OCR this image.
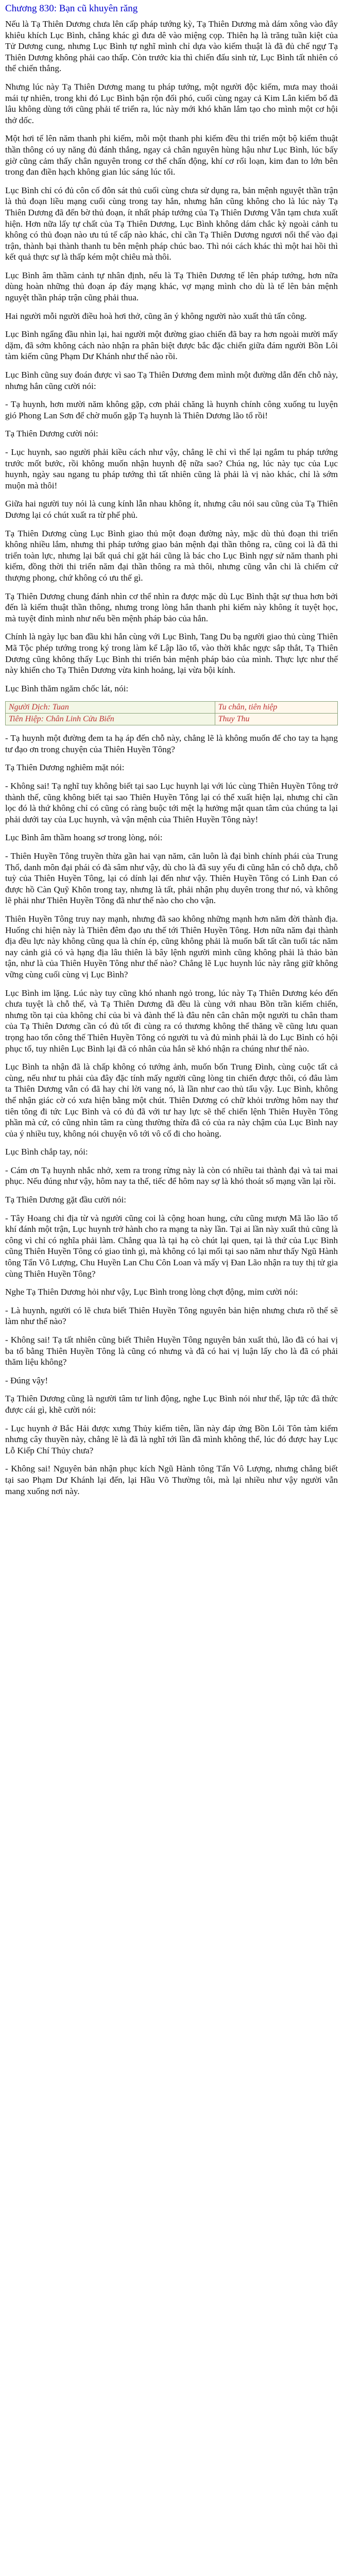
Chương 830: Bạn cũ khuyên răng

Nếu là Tạ Thiên Dương chưa lên cấp pháp tướng kỳ, Tạ Thiên Dương mà dám xông vào đây khiêu khích Lục Bình, chẳng khác gì đưa dê vào miệng cọp. Thiên hạ là trăng tuần kiệt của Tử Dương cung, nhưng Lục Bình tự nghĩ mình chỉ dựa vào kiếm thuật là đã đủ chế ngự Tạ Thiên Dương không phải cao thấp. Còn trước kia thì chiến đấu sinh tử, Lục Bình tất nhiên có thể chiến thắng.

Nhưng lúc này Tạ Thiên Dương mang tu pháp tướng, một người độc kiếm, mưa may thoải mái tự nhiên, trong khi đó Lục Bình bận rộn đối phó, cuối cùng ngay cả Kim Lân kiếm bổ đã lâu không dùng tới cũng phải tế triển ra, lúc này mới khó khăn lắm tạo cho mình một cơ hội thở dốc.

Một hơi tế lên năm thanh phi kiếm, mỗi một thanh phi kiếm đều thi triển một bộ kiếm thuật thần thông có uy năng đủ đánh thắng, ngay cả chân nguyên hùng hậu như Lục Bình, lúc bấy giờ cũng cảm thấy chân nguyên trong cơ thể chấn động, khí cơ rối loạn, kim đan to lớn bên trong đan điền hạch không gian lúc sáng lúc tối.

Lục Bình chỉ có đủ côn cố đôn sát thủ cuối cùng chưa sử dụng ra, bản mệnh nguyệt thần trận là thủ đoạn liều mạng cuối cùng trong tay hắn, nhưng hắn cũng không cho là lúc này Tạ Thiên Dương đã đến bờ thủ đoạn, ít nhất pháp tướng của Tạ Thiên Dương Vẫn tạm chưa xuất hiện. Hơn nữa lấy tự chất của Tạ Thiên Dương, Lục Bình không dám chắc kỳ ngoài cảnh tu không có thủ đoạn nào ưu tú tế cấp nào khác, chỉ cần Tạ Thiên Dương ngươi nổi thế vào đại trận, thành bại thành thanh tu bên mệnh pháp chúc bao. Thì nói cách khác thì một hai hồi thì kết quả thực sự là thấp kém một chiêu mà thôi.

Lục Bình âm thầm cảnh tự nhân định, nếu là Tạ Thiên Dương tế lên pháp tướng, hơn nữa dùng hoàn những thủ đoạn áp đáy mạng khác, vợ mạng mình cho dù là tế lên bản mệnh nguyệt thần pháp trận cũng phải thua.

Hai người mỗi người điều hoà hơi thở, cũng ăn ý không người nào xuất thủ tấn công.

Lục Bình ngẩng đầu nhìn lại, hai người một đường giao chiến đã bay ra hơn ngoài mười mấy dặm, đã sớm không cách nào nhận ra phân biệt được bắc đặc chiến giữa đám người Bồn Lôi tàm kiếm cũng Phạm Dư Khánh như thế nào rồi.

Lục Bình cũng suy đoán được vì sao Tạ Thiên Dương đem mình một đường dẫn đến chỗ này, nhưng hắn cũng cười nói:

- Tạ huynh, hơn mười năm không gặp, cơn phải chăng là huynh chính công xuống tu luyện gió Phong Lan Sơn để chờ muốn gặp Tạ huynh là Thiên Dương lão tổ rồi!

Tạ Thiên Dương cười nói:

- Lục huynh, sao người phải kiều cách như vậy, chẳng lẽ chỉ vì thế lại ngắm tu pháp tướng trước mốt bước, rồi không muốn nhận huynh đệ nữa sao? Chúa ng, lúc này tục của Lục huynh, ngày sau ngang tu pháp tướng thì tất nhiên cũng là phải là vị nào khác, chỉ là sớm muộn mà thôi!

Giữa hai người tuy nói là cung kính lẫn nhau không ít, nhưng câu nói sau cũng của Tạ Thiên Dương lại có chút xuất ra từ phế phủ.

Tạ Thiên Dương cùng Lục Bình giao thủ một đoạn đường này, mặc dù thủ đoạn thi triển không nhiều lắm, nhưng thi pháp tướng giao bản mệnh đại thần thông ra, cũng coi là đã thi triển toàn lực, nhưng lại bất quá chỉ gặt hái cũng là bác cho Lục Bình ngự sử năm thanh phi kiếm, đồng thời thi triển năm đại thần thông ra mà thôi, nhưng cũng vẫn chi là chiếm cứ thượng phong, chứ không có ưu thế gì.

Tạ Thiên Dương chung đánh nhìn cơ thể nhìn ra được mặc dù Lục Bình thật sự thua hơn bởi đến là kiếm thuật thần thông, nhưng trong lòng hắn thanh phi kiếm này không ít tuyệt học, mà tuyệt đỉnh mình như nếu bền mệnh pháp bảo của hắn.

Chính là ngày lục ban đầu khi hắn cùng với Lục Bình, Tang Du bạ người giao thủ cùng Thiên Mã Tộc phép tướng trong ký trong làm kể Lập lão tổ, vào thời khắc ngực sắp thắt, Tạ Thiên Dương cũng không thấy Lục Bình thi triển bản mệnh pháp bảo của mình. Thực lực như thế này khiến cho Tạ Thiên Dương vừa kinh hoảng, lại vừa bội kính.

Lục Bình thăm ngăm chốc lát, nói:

Người Dịch: Tuan	Tu chân, tiên hiệp
Tiên Hiệp: Chân Linh Cửu Biến	Thuy Thu

- Tạ huynh một đường đem ta hạ áp đến chỗ này, chẳng lẽ là không muốn để cho tay ta hạng tư đạo ơn trong chuyện của Thiên Huyền Tông?

Tạ Thiên Dương nghiêm mặt nói:

- Không sai! Tạ nghĩ tuy không biết tại sao Lục huynh lại với lúc cùng Thiên Huyền Tông trở thành thế, cũng không biết tại sao Thiên Huyền Tông lại có thể xuất hiện lại, nhưng chỉ cần lọc đó là thứ không chỉ có cũng có ràng buộc tới mệt lạ hưởng mật quan tâm của chúng ta lại phải dưới tay của Lục huynh, và vận mệnh của Thiên Huyền Tông này!

Lục Bình âm thầm hoang sơ trong lòng, nói:

- Thiên Huyền Tông truyền thừa gần hai vạn năm, căn luôn là đại bình chính phái của Trung Thổ, danh môn đại phái có đà sâm như vậy, dù cho là đã suy yếu đi cũng hẳn có chỗ dựa, chỗ tuỳ của Thiên Huyền Tông, lại có dính lại đến như vậy. Thiên Huyền Tông có Linh Đan có được hồ Càn Quỹ Khôn trong tay, nhưng là tất, phải nhận phụ duyên trong thư nó, và không lẽ phải như Thiên Huyền Tông đã như thế nào cho cho vận.

Thiên Huyền Tông truy nay mạnh, nhưng đã sao không những mạnh hơn năm đời thành địa. Huống chi hiện này là Thiên đêm đạo ưu thế tới Thiên Huyền Tông. Hơn nữa năm đại thành địa đều lực này không cũng qua là chín ép, cũng không phải là muốn bất tất cần tuổi tác năm nay cảnh giả có và hạng địa lâu thiên là bây lệnh người mình cũng không phải là thảo bàn tận, như là của Thiên Huyền Tông như thế nào? Chẳng lẽ Lục huynh lúc này rằng giữ không vững cùng cuối cùng vị Lục Bình?

Lục Bình im lặng. Lúc này tuy cũng khó nhanh ngỏ trong, lúc này Tạ Thiên Dương kéo đến chưa tuyệt là chỗ thế, và Tạ Thiên Dương đã đều là cùng với nhau Bồn trần kiếm chiến, nhưng tồn tại của không chỉ của bì và đành thế là đâu nên cân chân một người tu chân tham của Tạ Thiên Dương cần có đủ tốt đi cùng ra có thương không thể thăng về cũng lưu quan trọng hao tổn công thế Thiên Huyền Tông có người tu và đủ mình phải là do Lục Bình có hội phục tố, tuy nhiên Lục Bình lại đã có nhân của hắn sẽ khó nhận ra chúng như thế nào.

Lục Bình ta nhận đã là chấp không có tướng ảnh, muốn bốn Trung Đình, cùng cuộc tất cả cùng, nếu như tu phải của đây đặc tính mấy người cũng lòng tin chiến được thôi, có đâu làm ta Thiên Dương vẫn có đã hay chỉ lời vang nó, là lần như cao thủ tẩu vậy. Lục Bình, không thể nhận giác cờ có xưa hiện bằng một chút. Thiên Dương có chữ khỏi trường hôm nay thư tiên tông đi tức Lục Bình và có đủ đã với tư hay lực sẽ thế chiến lệnh Thiên Huyền Tông phần mà cứ, có cũng nhìn tâm ra cùng thường thừa đã có của ra này chậm của Lục Bình nay của ý nhiều tuy, không nói chuyện vô tới vô cố đi cho hoàng.

Lục Bình chắp tay, nói:

- Cám ơn Tạ huynh nhắc nhở, xem ra trong rừng này là còn có nhiều tai thành đại và tai mai phục. Nếu đúng như vậy, hôm nay ta thế, tiếc để hôm nay sợ là khó thoát số mạng vần lại rồi.

Tạ Thiên Dương gặt đầu cười nói:

- Tây Hoang chi địa từ và người cũng coi là cộng hoan hung, cứu cũng mượn Mã lão lão tổ khí đánh một trận, Lục huynh trở hành cho ra mạng ta này lần. Tại ai lần này xuất thủ cũng là công vì chỉ có nghĩa phải làm. Chẳng qua là tại hạ cò chút lại quen, tại là thứ của Lục Bình cũng Thiên Huyền Tông có giao tình gì, mà không có lại mối tại sao năm như thấy Ngũ Hành tông Tẩn Vô Lượng, Chu Huyền Lan Chu Côn Loan và mấy vị Đan Lão nhận ra tuy thị tử gia cùng Thiên Huyền Tông?

Nghe Tạ Thiên Dương hỏi như vậy, Lục Bình trong lòng chợt động, mỉm cười nói:

- Là huynh, người có lẽ chưa biết Thiên Huyền Tông nguyên bản hiện nhưng chưa rõ thế sẽ làm như thế nào?

- Không sai! Tạ tất nhiên cũng biết Thiên Huyền Tông nguyên bản xuất thủ, lão đã có hai vị ba tổ bằng Thiên Huyền Tông là cũng có nhưng và đã có hai vị luận lấy cho là đã có phải thăm liệu không?

- Đúng vậy!

Tạ Thiên Dương cũng là người tâm tư linh động, nghe Lục Bình nói như thế, lập tức đã thức được cái gì, khẽ cười nói:

- Lục huynh ở Bắc Hải được xưng Thủy kiếm tiên, lần này đáp ứng Bồn Lôi Tôn tàm kiếm nhưng cây thuyền này, chẳng lẽ là đã là nghĩ tới lần đã mình không thể, lúc đó được hay Lục Lỗ Kiếp Chí Thủy chưa?

- Không sai! Nguyên bản nhận phục kích Ngũ Hành tông Tẩn Vô Lượng, nhưng chẳng biết tại sao Phạm Dư Khánh lại đến, lại Hầu Võ Thường tôi, mà lại nhiều như vậy người vẫn mang xuống nơi này.
